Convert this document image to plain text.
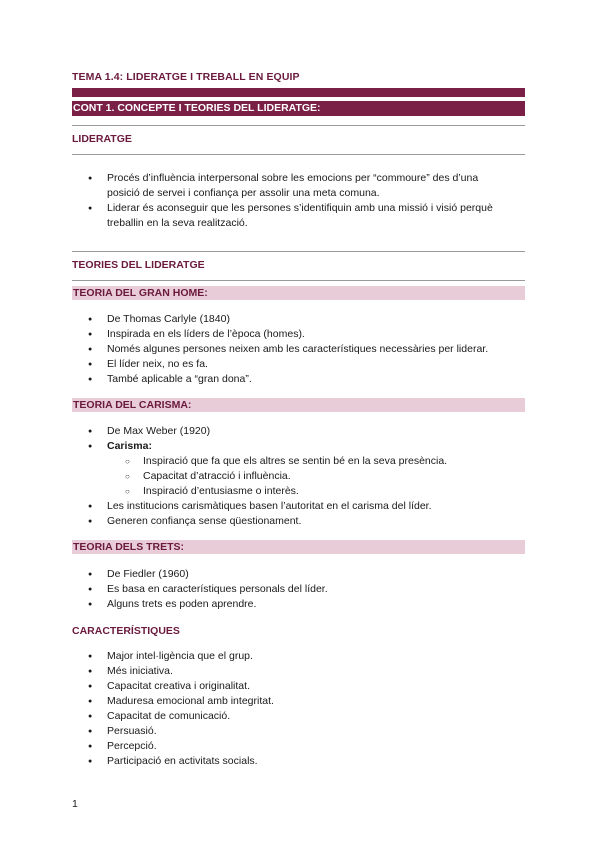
TEMA 1.4: LIDERATGE I TREBALL EN EQUIP
CONT 1. CONCEPTE I TEORIES DEL LIDERATGE:
LIDERATGE
● Procés d’influència interpersonal sobre les emocions per “commoure” des d’una
posició de servei i confiança per assolir una meta comuna.
● Liderar és aconseguir que les persones s’identifiquin amb una missió i visió perquè
treballin en la seva realització.
TEORIES DEL LIDERATGE
TEORIA DEL GRAN HOME:
● De Thomas Carlyle (1840)
● Inspirada en els líders de l’època (homes).
● Només algunes persones neixen amb les característiques necessàries per liderar.
● El líder neix, no es fa.
● També aplicable a “gran dona”.
TEORIA DEL CARISMA:
● De Max Weber (1920)
● Carisma:
○ Inspiració que fa que els altres se sentin bé en la seva presència.
○ Capacitat d’atracció i influència.
○ Inspiració d’entusiasme o interès.
● Les institucions carismàtiques basen l’autoritat en el carisma del líder.
● Generen confiança sense qüestionament.
TEORIA DELS TRETS:
● De Fiedler (1960)
● Es basa en característiques personals del líder.
● Alguns trets es poden aprendre.
CARACTERÍSTIQUES
● Major intel·ligència que el grup.
● Més iniciativa.
● Capacitat creativa i originalitat.
● Maduresa emocional amb integritat.
● Capacitat de comunicació.
● Persuasió.
● Percepció.
● Participació en activitats socials.
1
